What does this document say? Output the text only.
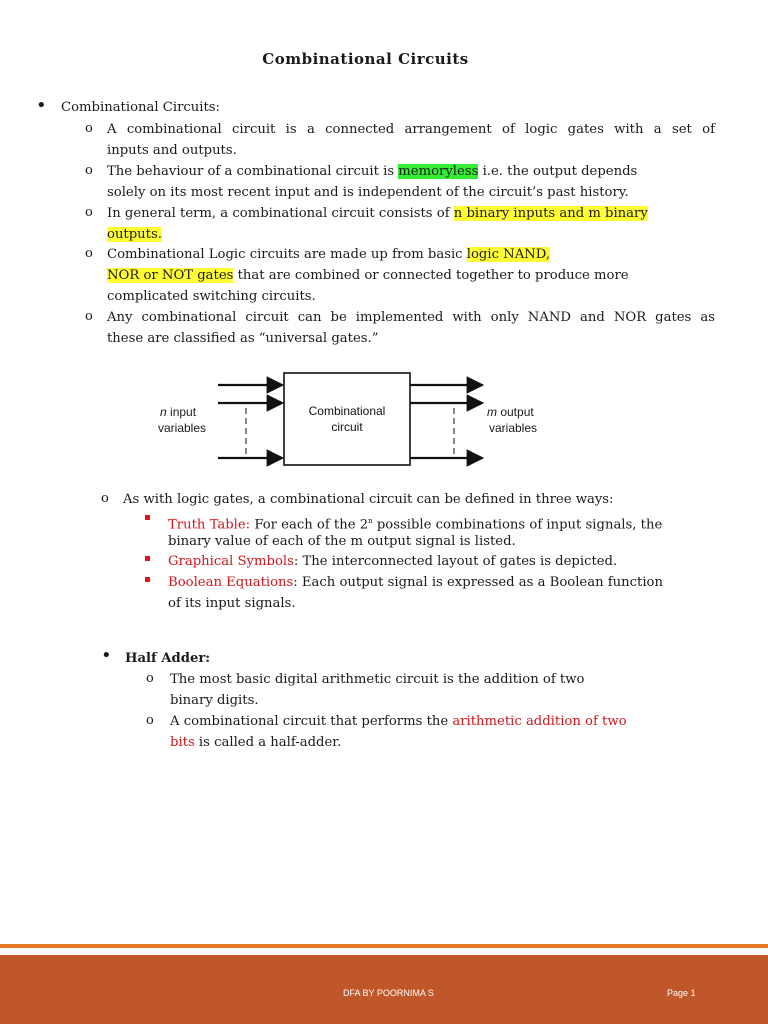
Combinational Circuits
• Combinational Circuits:
o A combinational circuit is a connected arrangement of logic gates with a set of
inputs and outputs.
o The behaviour of a combinational circuit is memoryless i.e. the output depends
solely on its most recent input and is independent of the circuit’s past history.
o In general term, a combinational circuit consists of n binary inputs and m binary
outputs.
o Combinational Logic circuits are made up from basic logic NAND,
NOR or NOT gates that are combined or connected together to produce more
complicated switching circuits.
o Any combinational circuit can be implemented with only NAND and NOR gates as
these are classified as “universal gates.”
Combinational
circuit
n input
variables
m output
variables
o As with logic gates, a combinational circuit can be defined in three ways:
Truth Table: For each of the 2$^n$ possible combinations of input signals, the
binary value of each of the m output signal is listed.
Graphical Symbols: The interconnected layout of gates is depicted.
Boolean Equations: Each output signal is expressed as a Boolean function
of its input signals.
• Half Adder:
o The most basic digital arithmetic circuit is the addition of two
binary digits.
o A combinational circuit that performs the arithmetic addition of two
bits is called a half-adder.
DFA BY POORNIMA S	Page 1
